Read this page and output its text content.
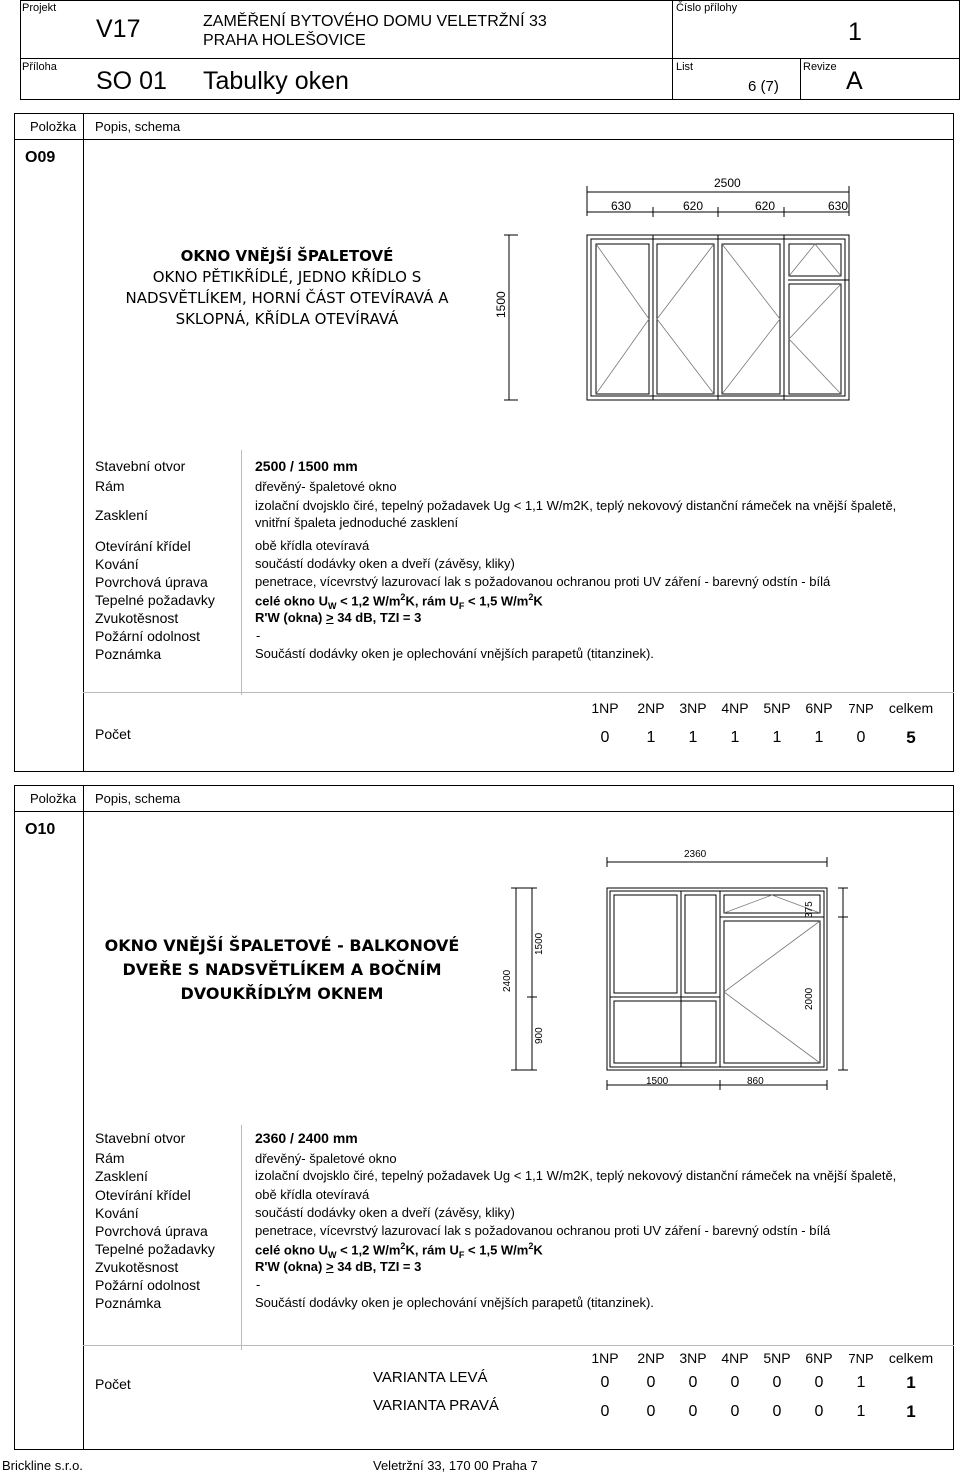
Projekt
V17	ZAMĚŘENÍ BYTOVÉHO DOMU VELETRŽNÍ 33
PRAHA HOLEŠOVICE
Číslo přílohy
1
Příloha SO 01 Tabulky oken	List
6 (7)
Revize A
Položka Popis, schema
O09
OKNO VNĚJŠÍ ŠPALETOVÉ
OKNO PĚTIKŘÍDLÉ, JEDNO KŘÍDLO S
NADSVĚTLÍKEM, HORNÍ ČÁST OTEVÍRAVÁ A
SKLOPNÁ, KŘÍDLA OTEVÍRAVÁ
2500
630	620	620	630
1500
Stavební otvor	2500 / 1500 mm
Rám	dřevěný- špaletové okno
Zasklení
izolační dvojsklo čiré, tepelný požadavek Ug < 1,1 W/m2K, teplý nekovový distanční rámeček na vnější špaletě,
vnitřní špaleta jednoduché zasklení
Otevírání křídel	obě křídla otevíravá
Kování	součástí dodávky oken a dveří (závěsy, kliky)
Povrchová úprava	penetrace, vícevrstvý lazurovací lak s požadovanou ochranou proti UV záření - barevný odstín - bílá
Tepelné požadavky	celé okno $U_W < 1,2$ $W/m^2K$, rám $U_F < 1,5$ $W/m^2K$
Zvukotěsnost	R'W (okna) > 34 dB, TZI = 3
Požární odolnost	-
Poznámka	Součástí dodávky oken je oplechování vnějších parapetů (titanzinek).
Počet
1NP	2NP	3NP	4NP	5NP	6NP	7NP	celkem
0	1	1	1	1	1	0	5
Položka Popis, schema
O10
OKNO VNĚJŠÍ ŠPALETOVÉ - BALKONOVÉ
DVEŘE S NADSVĚTLÍKEM A BOČNÍM
DVOUKŘÍDLÝM OKNEM
2360
1500	860
2400
1500
900
375
2000
Stavební otvor	2360 / 2400 mm
Rám	dřevěný- špaletové okno
Zasklení	izolační dvojsklo čiré, tepelný požadavek Ug < 1,1 W/m2K, teplý nekovový distanční rámeček na vnější špaletě,
Otevírání křídel	obě křídla otevíravá
Kování	součástí dodávky oken a dveří (závěsy, kliky)
Povrchová úprava	penetrace, vícevrstvý lazurovací lak s požadovanou ochranou proti UV záření - barevný odstín - bílá
Tepelné požadavky	celé okno $U_W < 1,2$ $W/m^2K$, rám $U_F < 1,5$ $W/m^2K$
Zvukotěsnost	R'W (okna) > 34 dB, TZI = 3
Požární odolnost	-
Poznámka	Součástí dodávky oken je oplechování vnějších parapetů (titanzinek).
Počet	VARIANTA LEVÁ
VARIANTA PRAVÁ
1NP	2NP	3NP	4NP	5NP	6NP	7NP	celkem
0	0	0	0	0	0	1	1
0	0	0	0	0	0	1	1
Brickline s.r.o.	Veletržní 33, 170 00 Praha 7
